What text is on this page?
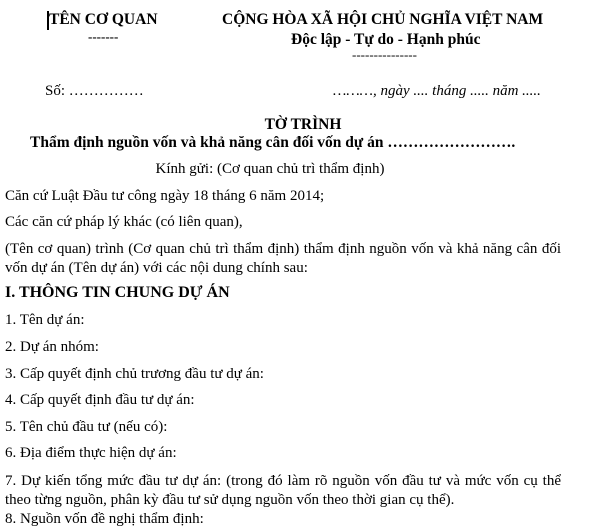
TÊN CƠ QUAN
-------
CỘNG HÒA XÃ HỘI CHỦ NGHĨA VIỆT NAM
Độc lập - Tự do - Hạnh phúc
---------------
Số: ……………	………, ngày .... tháng ..... năm .....
TỜ TRÌNH
Thẩm định nguồn vốn và khả năng cân đối vốn dự án …………………….
Kính gửi: (Cơ quan chủ trì thẩm định)
Căn cứ Luật Đầu tư công ngày 18 tháng 6 năm 2014;
Các căn cứ pháp lý khác (có liên quan),
(Tên cơ quan) trình (Cơ quan chủ trì thẩm định) thẩm định nguồn vốn và khả năng cân đối vốn dự án (Tên dự án) với các nội dung chính sau:
I. THÔNG TIN CHUNG DỰ ÁN
1. Tên dự án:
2. Dự án nhóm:
3. Cấp quyết định chủ trương đầu tư dự án:
4. Cấp quyết định đầu tư dự án:
5. Tên chủ đầu tư (nếu có):
6. Địa điểm thực hiện dự án:
7. Dự kiến tổng mức đầu tư dự án: (trong đó làm rõ nguồn vốn đầu tư và mức vốn cụ thể theo từng nguồn, phân kỳ đầu tư sử dụng nguồn vốn theo thời gian cụ thể).
8. Nguồn vốn đề nghị thẩm định:
